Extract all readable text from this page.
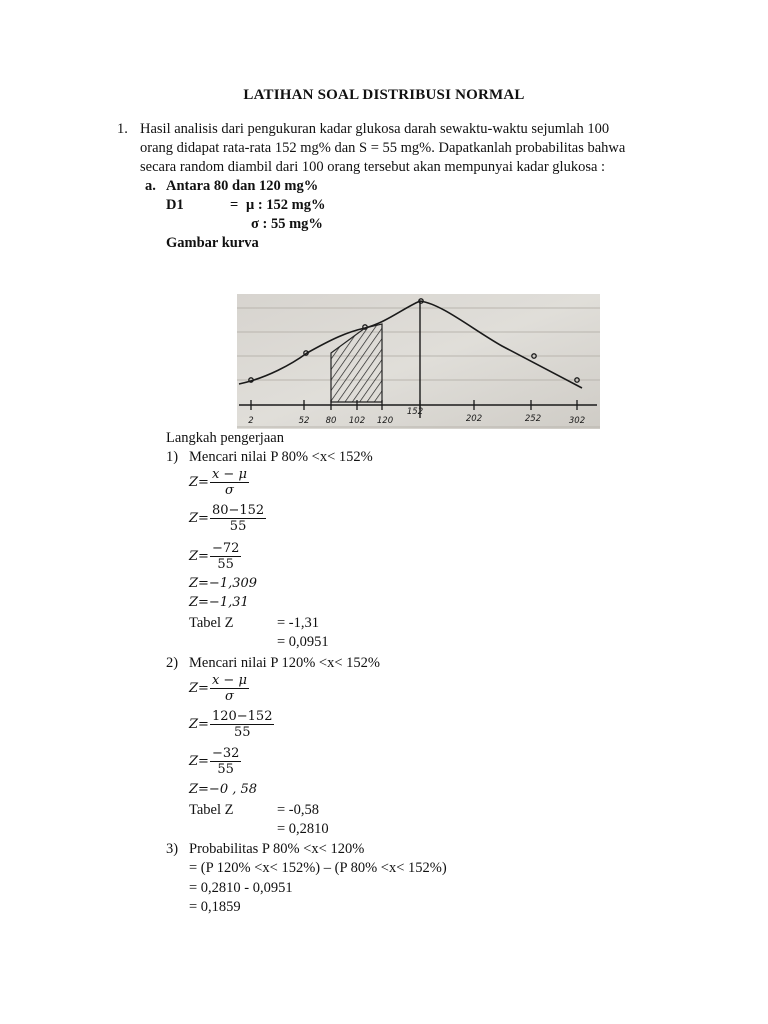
LATIHAN SOAL DISTRIBUSI NORMAL
1. Hasil analisis dari pengukuran kadar glukosa darah sewaktu-waktu sejumlah 100
orang didapat rata-rata 152 mg% dan S = 55 mg%. Dapatkanlah probabilitas bahwa
secara random diambil dari 100 orang tersebut akan mempunyai kadar glukosa :
a. Antara 80 dan 120 mg%
D1	= μ : 152 mg%
σ : 55 mg%
Gambar kurva
2	52 80 102 120
152
202	252	302
Langkah pengerjaan
1) Mencari nilai P 80% <x< 152%
$Z = \frac{x - \mu}{\sigma}$
$Z = \frac{80-152}{55}$
$Z = \frac{-72}{55}$
Z=−1,309
Z=−1,31
Tabel Z	= -1,31
= 0,0951
2) Mencari nilai P 120% <x< 152%
$Z = \frac{x - \mu}{\sigma}$
$Z = \frac{120-152}{55}$
$Z = \frac{-32}{55}$
Z=−0 , 58
Tabel Z	= -0,58
= 0,2810
3) Probabilitas P 80% <x< 120%
= (P 120% <x< 152%) – (P 80% <x< 152%)
= 0,2810 - 0,0951
= 0,1859
